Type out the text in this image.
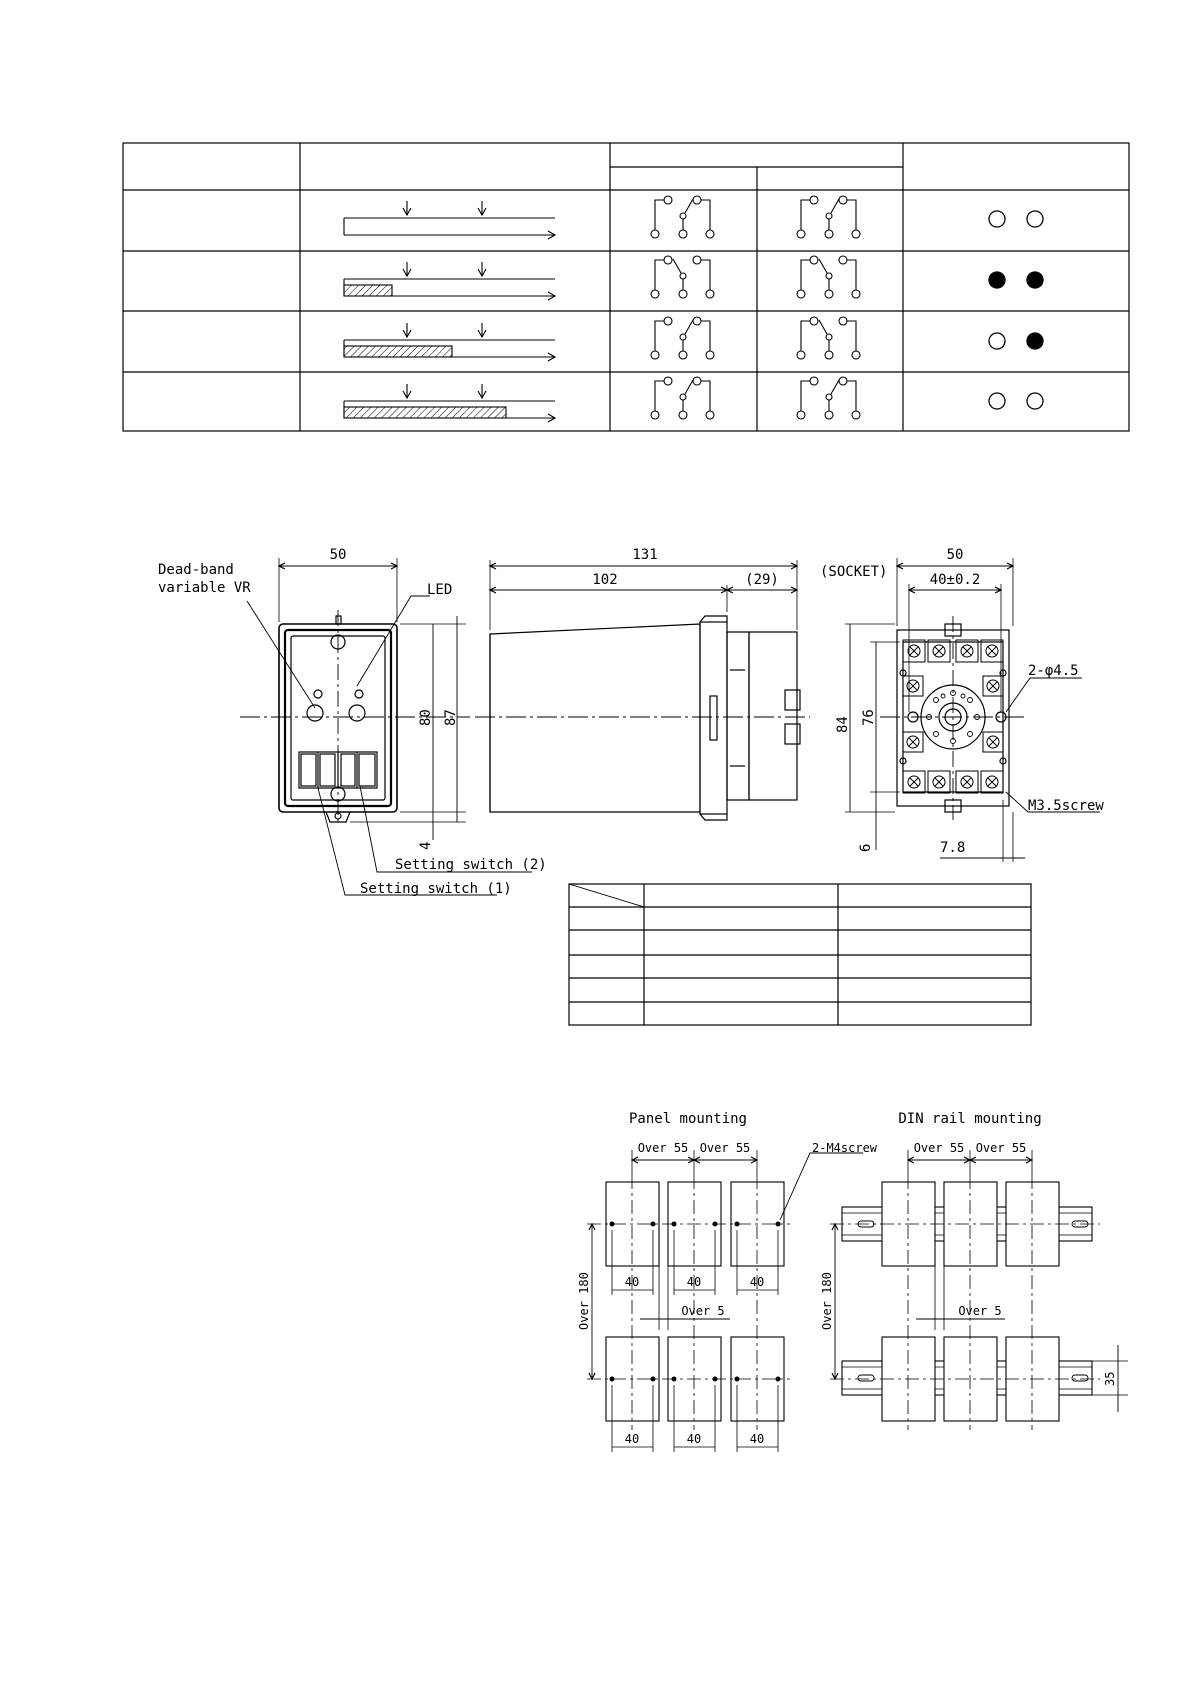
50
Dead-band
variable VR	LED
80 87
4
Setting switch (2)
Setting switch (1)
131
102	(29)	(SOCKET)
50
40±0.2
2-φ4.5
84 76
6
M3.5screw
7.8
Panel mounting	DIN rail mounting
Over 55 Over 55	2-M4screw
40	40	40
40	40	40
Over 5
Over 180
Over 55 Over 55
Over 5
Over 180
35
